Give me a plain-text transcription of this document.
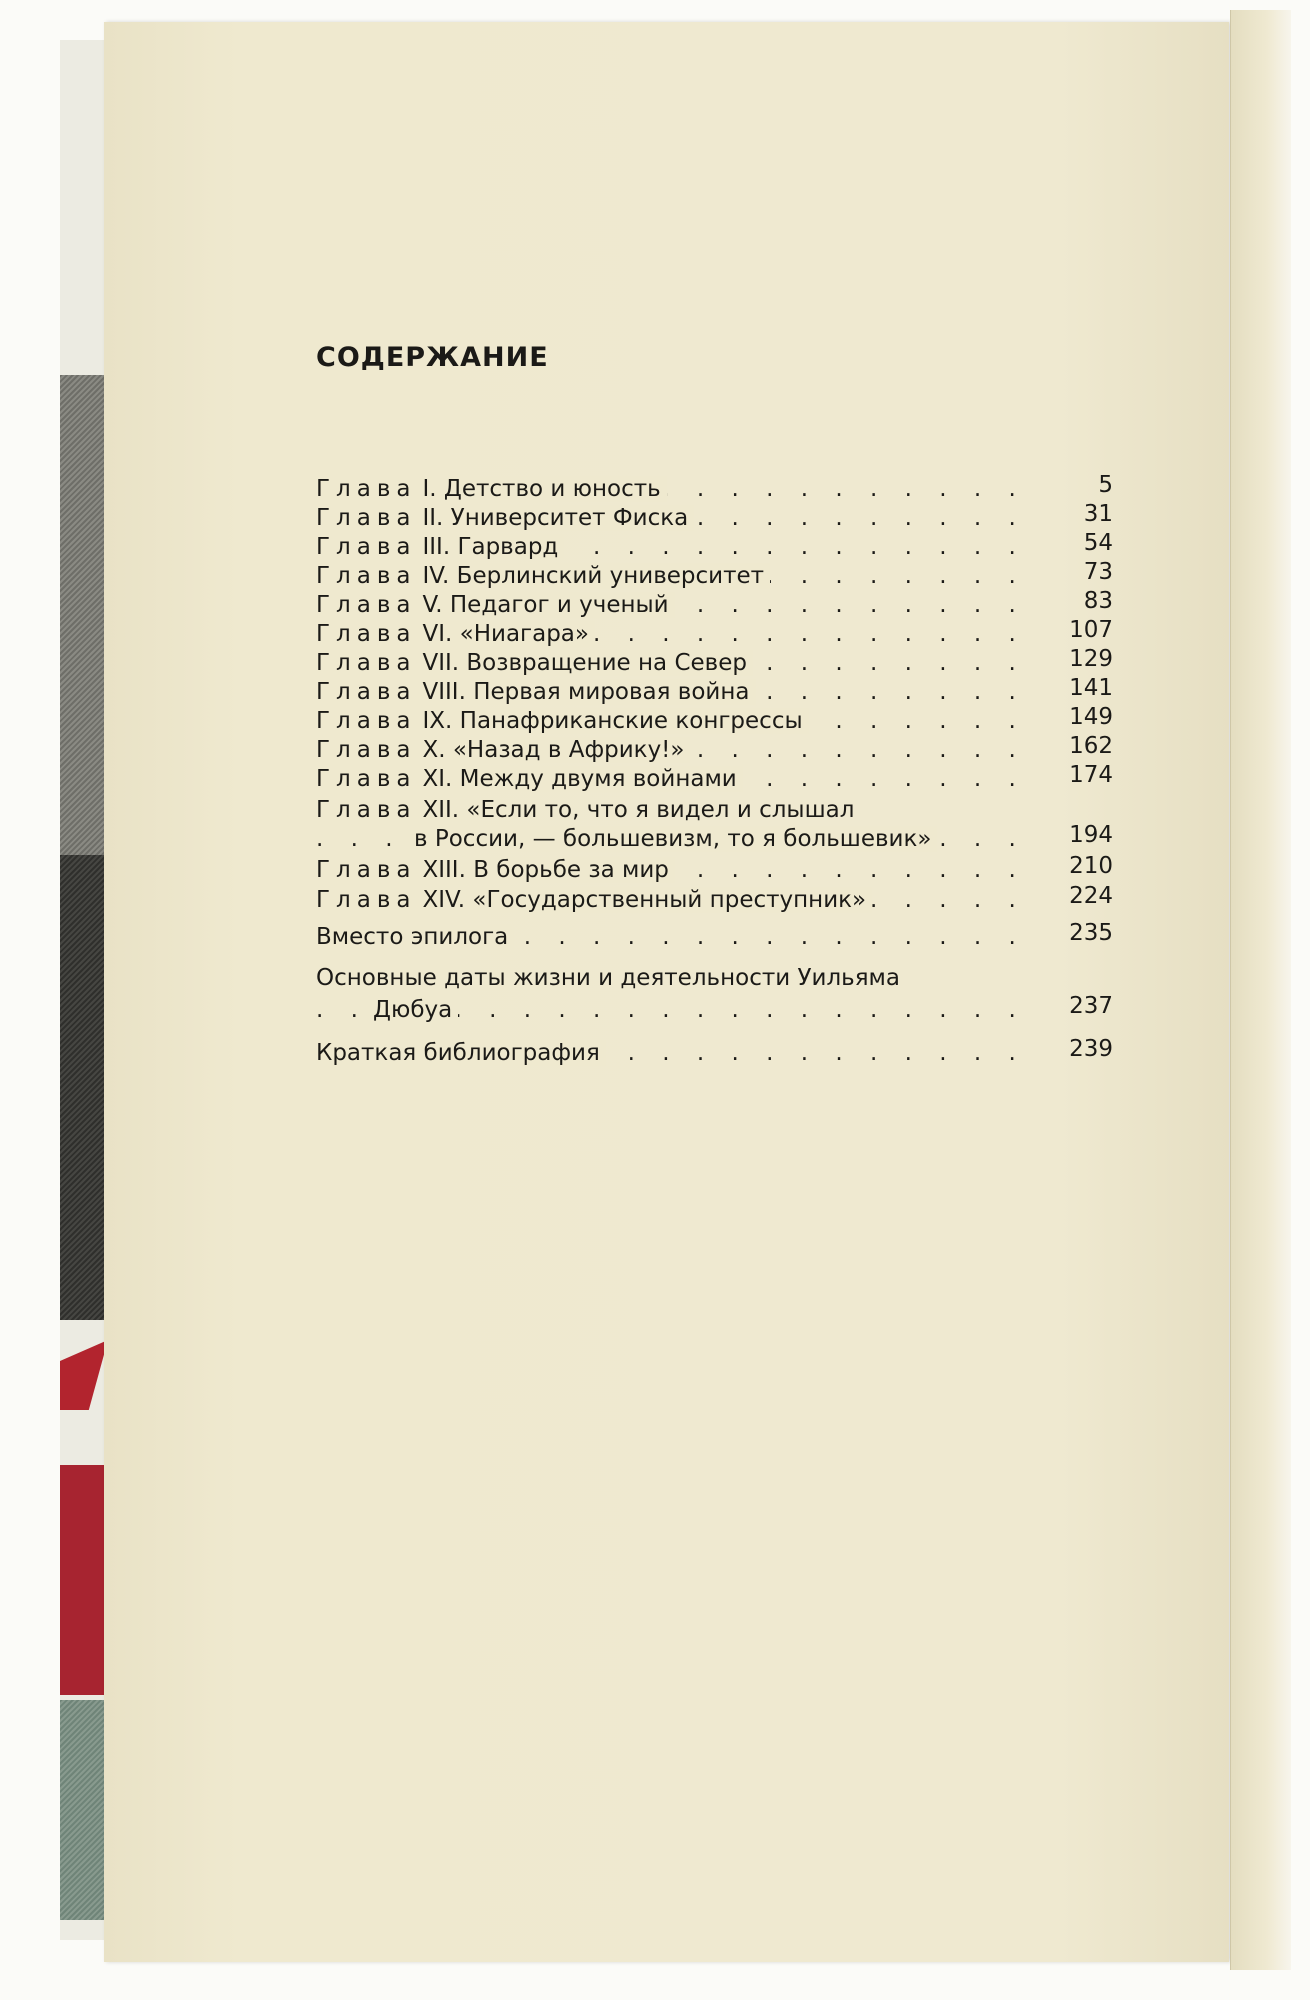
СОДЕРЖАНИЕ
. . .
Глава I. Детство и юность	5
. . .
Глава II. Университет Фиска	31
. . .
Глава III. Гарвард	54
. . .
Глава IV. Берлинский университет	73
. . .
Глава V. Педагог и ученый	83
. . .
Глава VI. «Ниагара»	107
. . .
Глава VII. Возвращение на Север	129
. . .
Глава VIII. Первая мировая война	141
. . .
Глава IX. Панафриканские конгрессы	149
. . .
Глава X. «Назад в Африку!»	162
. . .
Глава XI. Между двумя войнами	174
Глава XII. «Если то, что я видел и слышал
. . .
в России, — большевизм, то я большевик»	194
. . .
Глава XIII. В борьбе за мир	210
. . .
Глава XIV. «Государственный преступник»	224
. . .
Вместо эпилога	235
Основные даты жизни и деятельности Уильяма
. . .
Дюбуа	237
. . .
Краткая библиография	239
